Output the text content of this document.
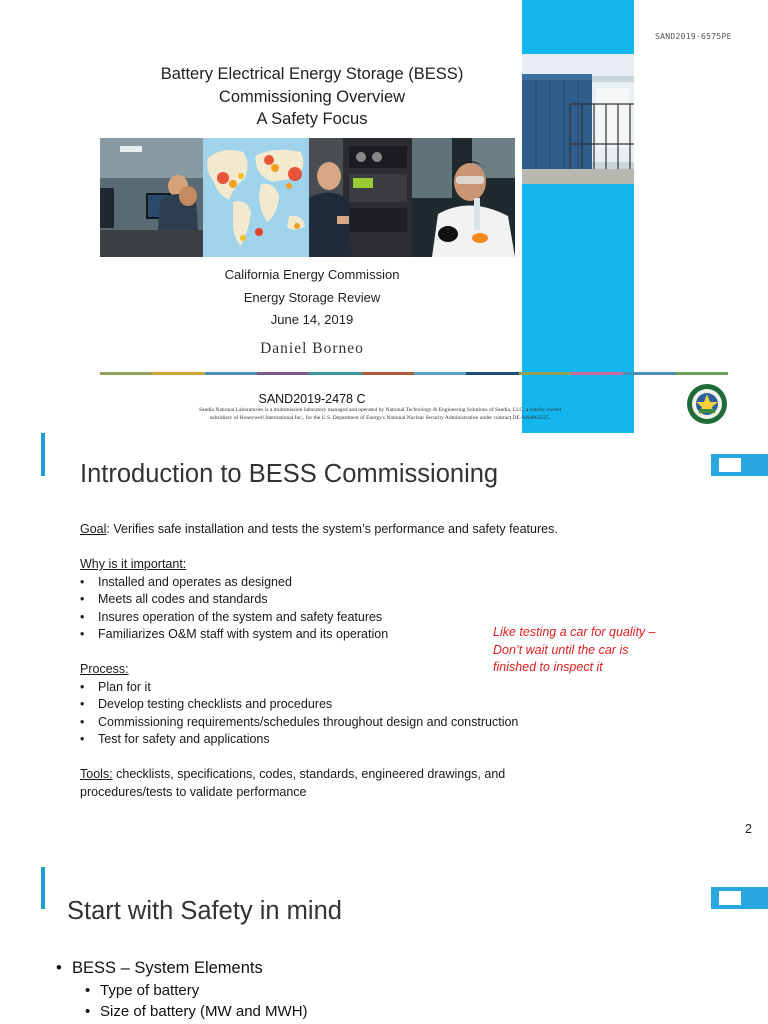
SAND2019-6575PE
Battery Electrical Energy Storage (BESS)
Commissioning Overview
A Safety Focus
California Energy Commission
Energy Storage Review
June 14, 2019
Daniel Borneo
SAND2019-2478 C
Sandia National Laboratories is a multimission laboratory managed and operated by National Technology & Engineering Solutions of Sandia, LLC, a wholly owned
subsidiary of Honeywell International Inc., for the U.S. Department of Energy's National Nuclear Security Administration under contract DE-NA0003525.
Introduction to BESS Commissioning

Goal: Verifies safe installation and tests the system’s performance and safety features.

Why is it important:

• Installed and operates as designed
• Meets all codes and standards
• Insures operation of the system and safety features
• Familiarizes O&M staff with system and its operation

Process:

• Plan for it
• Develop testing checklists and procedures
• Commissioning requirements/schedules throughout design and construction
• Test for safety and applications

Tools: checklists, specifications, codes, standards, engineered drawings, and

procedures/tests to validate performance

Like testing a car for quality –
Don’t wait until the car is
finished to inspect it
2
Start with Safety in mind
• BESS – System Elements
• Type of battery
• Size of battery (MW and MWH)
